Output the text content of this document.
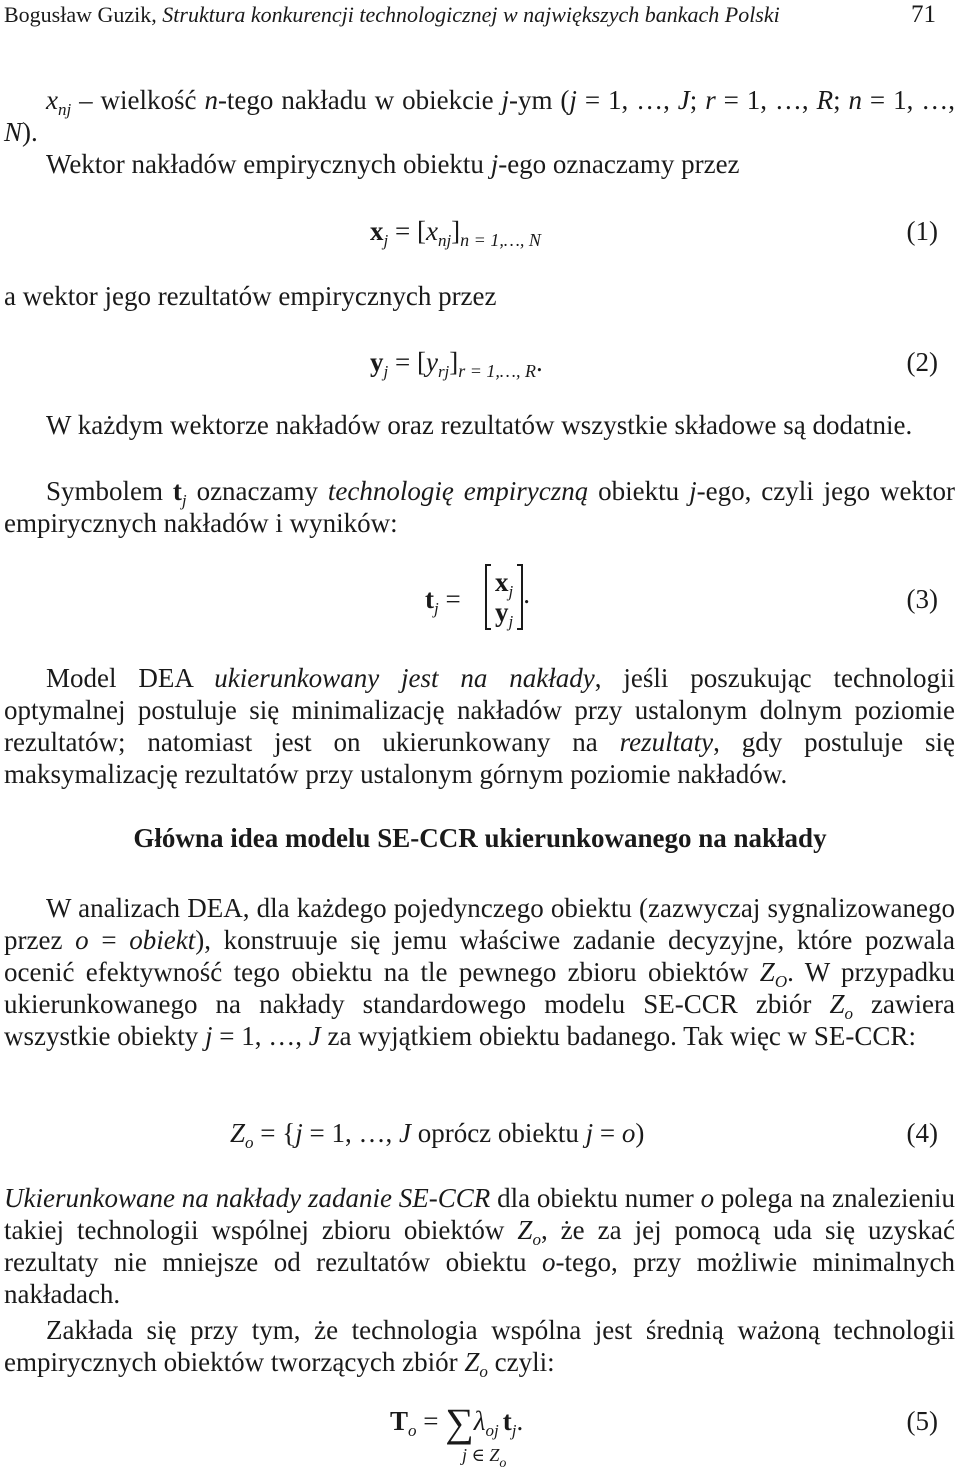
Bogusław Guzik, Struktura konkurencji technologicznej w największych bankach Polski	71

$x_{nj}$ – wielkość n-tego nakładu w obiekcie j-ym (j = 1, …, J; r = 1, …, R; n = 1, …, N).

Wektor nakładów empirycznych obiektu j-ego oznaczamy przez

$x_j = [x_{nj}]_{n = 1,\dots, N}$	(1)

a wektor jego rezultatów empirycznych przez

$y_j = [y_{rj}]_{r = 1,\dots, R}$.	(2)

W każdym wektorze nakładów oraz rezultatów wszystkie składowe są dodatnie.

Symbolem $t_j$ oznaczamy technologię empiryczną obiektu j-ego, czyli jego wektor empirycznych nakładów i wyników:

$t_j$ =
$x_j$
$y_j$.	(3)

Model DEA ukierunkowany jest na nakłady, jeśli poszukując technologii optymalnej postuluje się minimalizację nakładów przy ustalonym dolnym poziomie rezultatów; natomiast jest on ukierunkowany na rezultaty, gdy postuluje się maksymalizację rezultatów przy ustalonym górnym poziomie nakładów.

Główna idea modelu SE-CCR ukierunkowanego na nakłady

W analizach DEA, dla każdego pojedynczego obiektu (zazwyczaj sygnalizowanego przez o = obiekt), konstruuje się jemu właściwe zadanie decyzyjne, które pozwala ocenić efektywność tego obiektu na tle pewnego zbioru obiektów $Z_O$. W przypadku ukierunkowanego na nakłady standardowego modelu SE-CCR zbiór $Z_o$ zawiera wszystkie obiekty j = 1, …, J za wyjątkiem obiektu badanego. Tak więc w SE-CCR:

$Z_o = \{j = 1$, …, J oprócz obiektu j = o)	(4)

Ukierunkowane na nakłady zadanie SE-CCR dla obiektu numer o polega na znalezieniu takiej technologii wspólnej zbioru obiektów $Z_o$, że za jej pomocą uda się uzyskać rezultaty nie mniejsze od rezultatów obiektu o-tego, przy możliwie minimalnych nakładach.

Zakłada się przy tym, że technologia wspólna jest średnią ważoną technologii empirycznych obiektów tworzących zbiór $Z_o$ czyli:

$T_o = \sum\lambda_{oj}$ $t_j$.
j ∈ $Z_o$
(5)
